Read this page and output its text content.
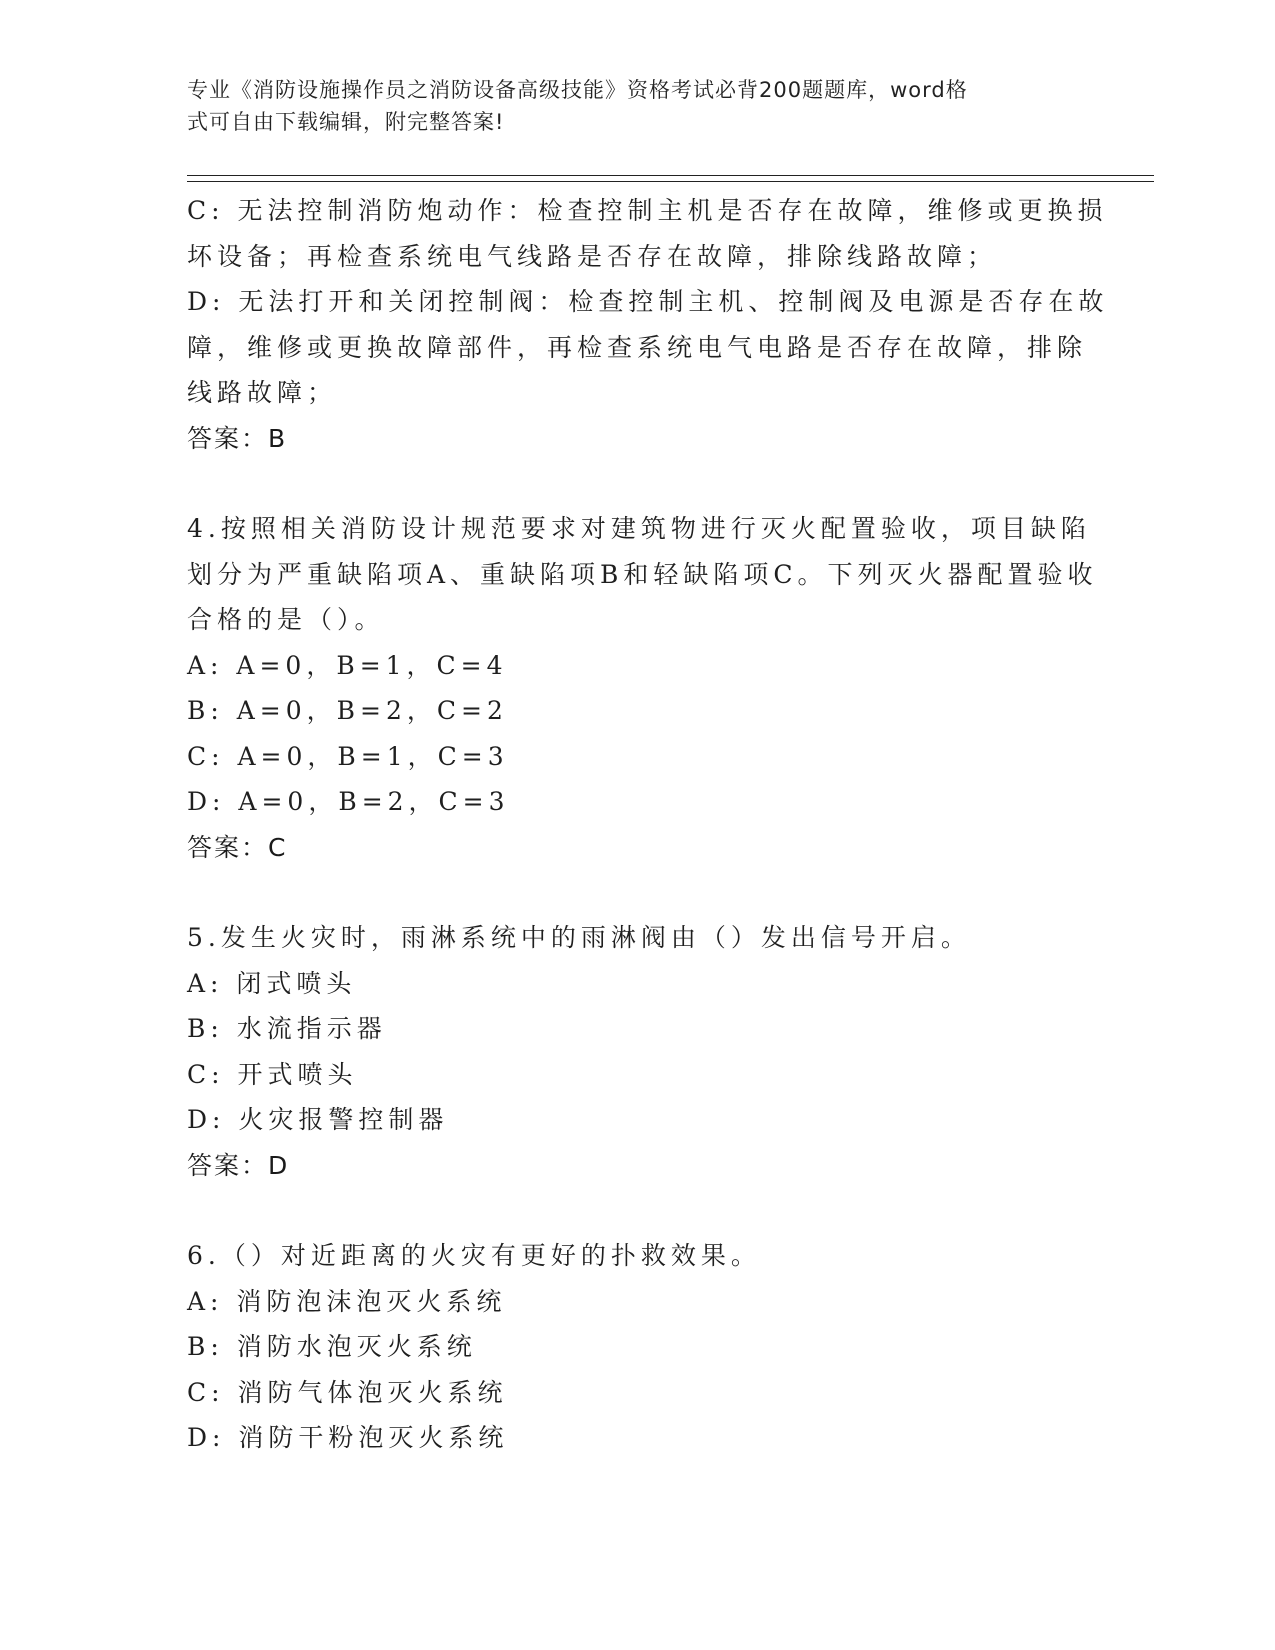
专业《消防设施操作员之消防设备高级技能》资格考试必背200题题库，word格
式可自由下载编辑，附完整答案!
C: 无法控制消防炮动作：检查控制主机是否存在故障，维修或更换损
坏设备；再检查系统电气线路是否存在故障，排除线路故障；
D: 无法打开和关闭控制阀：检查控制主机、控制阀及电源是否存在故
障，维修或更换故障部件，再检查系统电气电路是否存在故障，排除
线路故障；
答案：B
4.按照相关消防设计规范要求对建筑物进行灭火配置验收，项目缺陷
划分为严重缺陷项A、重缺陷项B和轻缺陷项C。下列灭火器配置验收
合格的是（）。
A: A=0，B=1，C=4
B: A=0，B=2，C=2
C: A=0，B=1，C=3
D: A=0，B=2，C=3
答案：C
5.发生火灾时，雨淋系统中的雨淋阀由（）发出信号开启。
A: 闭式喷头
B: 水流指示器
C: 开式喷头
D: 火灾报警控制器
答案：D
6.（）对近距离的火灾有更好的扑救效果。
A: 消防泡沫泡灭火系统
B: 消防水泡灭火系统
C: 消防气体泡灭火系统
D: 消防干粉泡灭火系统
